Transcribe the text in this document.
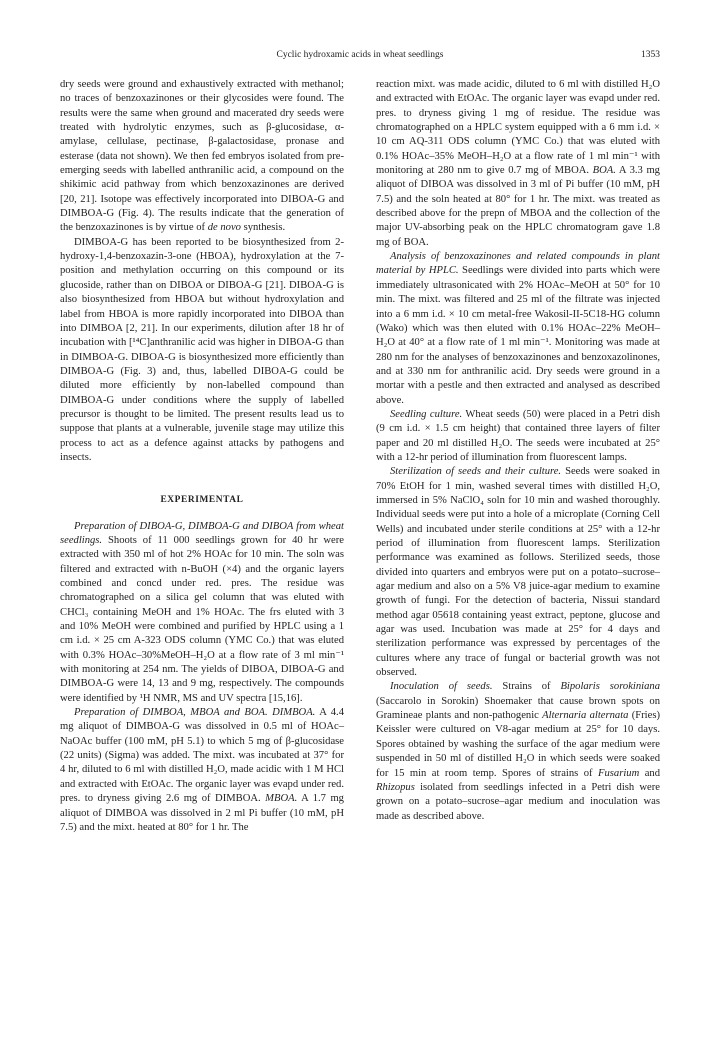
Cyclic hydroxamic acids in wheat seedlings	1353

dry seeds were ground and exhaustively extracted with methanol; no traces of benzoxazinones or their glycosides were found. The results were the same when ground and macerated dry seeds were treated with hydrolytic enzymes, such as β-glucosidase, α-amylase, cellulase, pectinase, β-galactosidase, pronase and esterase (data not shown). We then fed embryos isolated from pre-emerging seeds with labelled anthranilic acid, a compound on the shikimic acid pathway from which benzoxazinones are derived [20, 21]. Isotope was effectively incorporated into DIBOA-G and DIMBOA-G (Fig. 4). The results indicate that the generation of the benzoxazinones is by virtue of de novo synthesis.

DIMBOA-G has been reported to be biosynthesized from 2-hydroxy-1,4-benzoxazin-3-one (HBOA), hydroxylation at the 7-position and methylation occurring on this compound or its glucoside, rather than on DIBOA or DIBOA-G [21]. DIBOA-G is also biosynthesized from HBOA but without hydroxylation and label from HBOA is more rapidly incorporated into DIBOA than into DIMBOA [2, 21]. In our experiments, dilution after 18 hr of incubation with [¹⁴C]anthranilic acid was higher in DIBOA-G than in DIMBOA-G. DIBOA-G is biosynthesized more efficiently than DIMBOA-G (Fig. 3) and, thus, labelled DIBOA-G could be diluted more efficiently by non-labelled compound than DIMBOA-G under conditions where the supply of labelled precursor is thought to be limited. The present results lead us to suppose that plants at a vulnerable, juvenile stage may utilize this process to act as a defence against attacks by pathogens and insects.

EXPERIMENTAL

Preparation of DIBOA-G, DIMBOA-G and DIBOA from wheat seedlings. Shoots of 11 000 seedlings grown for 40 hr were extracted with 350 ml of hot 2% HOAc for 10 min. The soln was filtered and extracted with n-BuOH (×4) and the organic layers combined and concd under red. pres. The residue was chromatographed on a silica gel column that was eluted with CHCl₃ containing MeOH and 1% HOAc. The frs eluted with 3 and 10% MeOH were combined and purified by HPLC using a 1 cm i.d. × 25 cm A-323 ODS column (YMC Co.) that was eluted with 0.3% HOAc–30%MeOH–H₂O at a flow rate of 3 ml min⁻¹ with monitoring at 254 nm. The yields of DIBOA, DIBOA-G and DIMBOA-G were 14, 13 and 9 mg, respectively. The compounds were identified by ¹H NMR, MS and UV spectra [15,16].

Preparation of DIMBOA, MBOA and BOA. DIMBOA. A 4.4 mg aliquot of DIMBOA-G was dissolved in 0.5 ml of HOAc–NaOAc buffer (100 mM, pH 5.1) to which 5 mg of β-glucosidase (22 units) (Sigma) was added. The mixt. was incubated at 37° for 4 hr, diluted to 6 ml with distilled H₂O, made acidic with 1 M HCl and extracted with EtOAc. The organic layer was evapd under red. pres. to dryness giving 2.6 mg of DIMBOA. MBOA. A 1.7 mg aliquot of DIMBOA was dissolved in 2 ml Pi buffer (10 mM, pH 7.5) and the mixt. heated at 80° for 1 hr. The

reaction mixt. was made acidic, diluted to 6 ml with distilled H₂O and extracted with EtOAc. The organic layer was evapd under red. pres. to dryness giving 1 mg of residue. The residue was chromatographed on a HPLC system equipped with a 6 mm i.d. × 10 cm AQ-311 ODS column (YMC Co.) that was eluted with 0.1% HOAc–35% MeOH–H₂O at a flow rate of 1 ml min⁻¹ with monitoring at 280 nm to give 0.7 mg of MBOA. BOA. A 3.3 mg aliquot of DIBOA was dissolved in 3 ml of Pi buffer (10 mM, pH 7.5) and the soln heated at 80° for 1 hr. The mixt. was treated as described above for the prepn of MBOA and the collection of the major UV-absorbing peak on the HPLC chromatogram gave 1.8 mg of BOA.

Analysis of benzoxazinones and related compounds in plant material by HPLC. Seedlings were divided into parts which were immediately ultrasonicated with 2% HOAc–MeOH at 50° for 10 min. The mixt. was filtered and 25 ml of the filtrate was injected into a 6 mm i.d. × 10 cm metal-free Wakosil-II-5C18-HG column (Wako) which was then eluted with 0.1% HOAc–22% MeOH–H₂O at 40° at a flow rate of 1 ml min⁻¹. Monitoring was made at 280 nm for the analyses of benzoxazinones and benzoxazolinones, and at 330 nm for anthranilic acid. Dry seeds were ground in a mortar with a pestle and then extracted and analysed as described above.

Seedling culture. Wheat seeds (50) were placed in a Petri dish (9 cm i.d. × 1.5 cm height) that contained three layers of filter paper and 20 ml distilled H₂O. The seeds were incubated at 25° with a 12-hr period of illumination from fluorescent lamps.

Sterilization of seeds and their culture. Seeds were soaked in 70% EtOH for 1 min, washed several times with distilled H₂O, immersed in 5% NaClO₄ soln for 10 min and washed thoroughly. Individual seeds were put into a hole of a microplate (Corning Cell Wells) and incubated under sterile conditions at 25° with a 12-hr period of illumination from fluorescent lamps. Sterilization performance was examined as follows. Sterilized seeds, those divided into quarters and embryos were put on a potato–sucrose–agar medium and also on a 5% V8 juice-agar medium to examine growth of fungi. For the detection of bacteria, Nissui standard method agar 05618 containing yeast extract, peptone, glucose and agar was used. Incubation was made at 25° for 4 days and sterilization performance was expressed by percentages of the cultures where any trace of fungal or bacterial growth was not observed.

Inoculation of seeds. Strains of Bipolaris sorokiniana (Saccarolo in Sorokin) Shoemaker that cause brown spots on Gramineae plants and non-pathogenic Alternaria alternata (Fries) Keissler were cultured on V8-agar medium at 25° for 10 days. Spores obtained by washing the surface of the agar medium were suspended in 50 ml of distilled H₂O in which seeds were soaked for 15 min at room temp. Spores of strains of Fusarium and Rhizopus isolated from seedlings infected in a Petri dish were grown on a potato–sucrose–agar medium and inoculation was made as described above.
